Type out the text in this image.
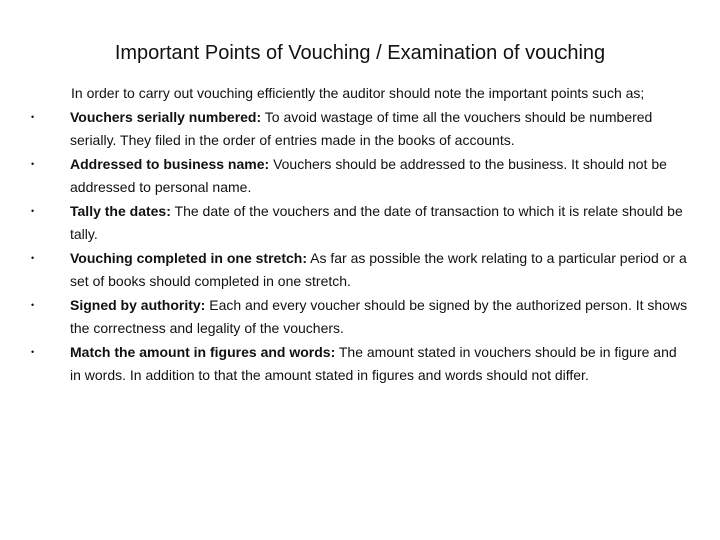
Important Points of Vouching / Examination of vouching

In order to carry out vouching efficiently the auditor should note the important points such as;

•	Vouchers serially numbered: To avoid wastage of time all the vouchers should be numbered serially. They filed in the order of entries made in the books of accounts.
•	Addressed to business name: Vouchers should be addressed to the business. It should not be addressed to personal name.
•	Tally the dates: The date of the vouchers and the date of transaction to which it is relate should be tally.
•	Vouching completed in one stretch: As far as possible the work relating to a particular period or a set of books should completed in one stretch.
•	Signed by authority: Each and every voucher should be signed by the authorized person. It shows the correctness and legality of the vouchers.
•	Match the amount in figures and words: The amount stated in vouchers should be in figure and in words. In addition to that the amount stated in figures and words should not differ.
